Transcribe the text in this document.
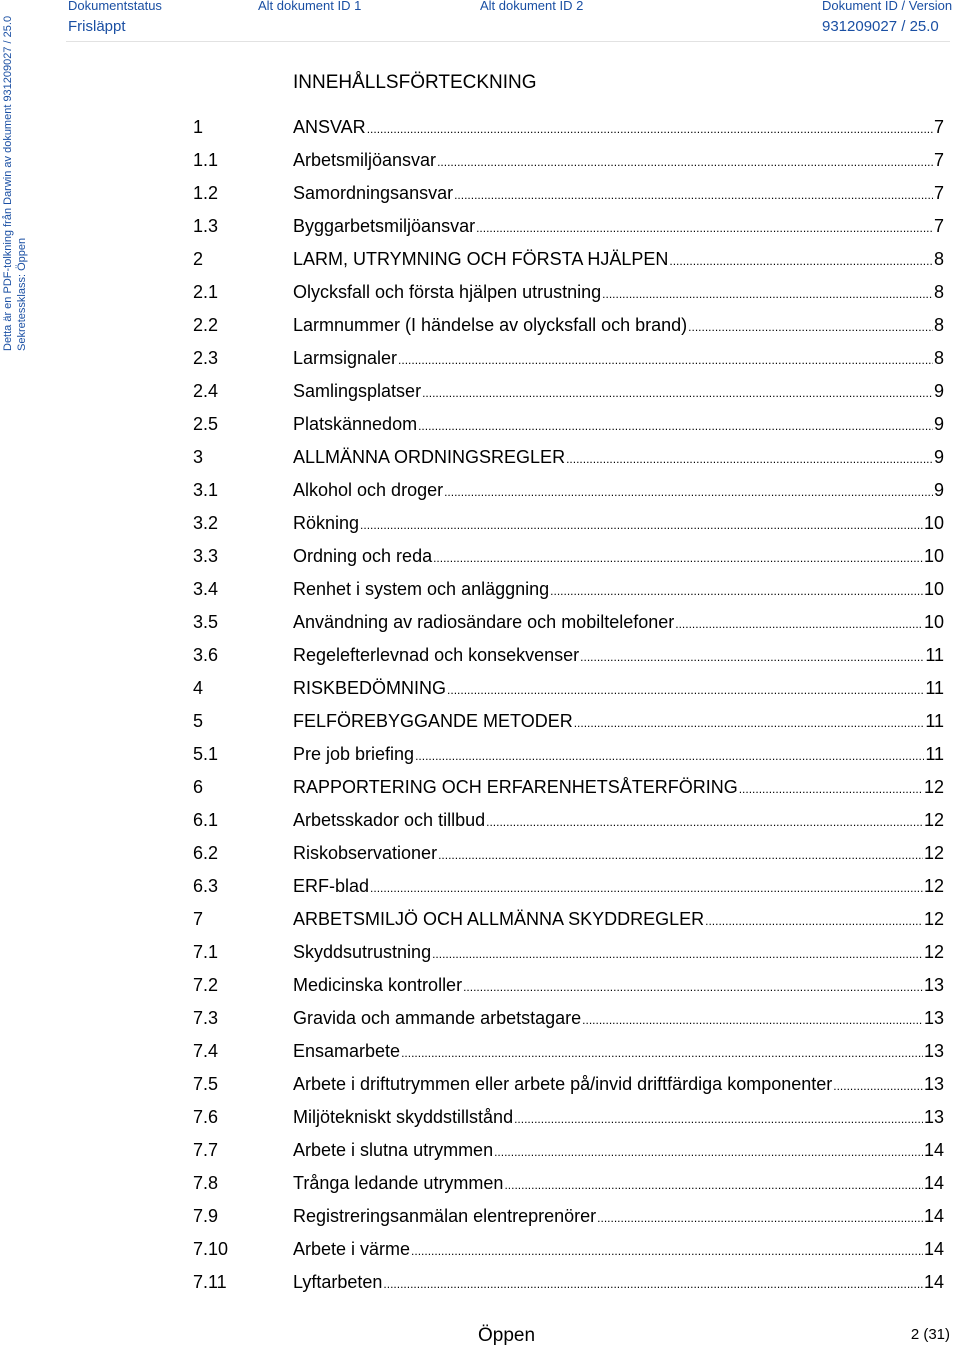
Detta är en PDF-tolkning från Darwin av dokument 931209027 / 25.0 Sekretessklass: Öppen
Dokumentstatus	Alt dokument ID 1	Alt dokument ID 2	Dokument ID / Version
Frisläppt	931209027 / 25.0
INNEHÅLLSFÖRTECKNING
1	ANSVAR .....	7
1.1	Arbetsmiljöansvar .....	7
1.2	Samordningsansvar .....	7
1.3	Byggarbetsmiljöansvar .....	7
2	LARM, UTRYMNING OCH FÖRSTA HJÄLPEN .....	8
2.1	Olycksfall och första hjälpen utrustning .....	8
2.2	Larmnummer (I händelse av olycksfall och brand) .....	8
2.3	Larmsignaler .....	8
2.4	Samlingsplatser .....	9
2.5	Platskännedom .....	9
3	ALLMÄNNA ORDNINGSREGLER .....	9
3.1	Alkohol och droger .....	9
3.2	Rökning .....	10
3.3	Ordning och reda .....	10
3.4	Renhet i system och anläggning .....	10
3.5	Användning av radiosändare och mobiltelefoner .....	10
3.6	Regelefterlevnad och konsekvenser .....	11
4	RISKBEDÖMNING .....	11
5	FELFÖREBYGGANDE METODER .....	11
5.1	Pre job briefing .....	11
6	RAPPORTERING OCH ERFARENHETSÅTERFÖRING .....	12
6.1	Arbetsskador och tillbud .....	12
6.2	Riskobservationer .....	12
6.3	ERF-blad .....	12
7	ARBETSMILJÖ OCH ALLMÄNNA SKYDDREGLER .....	12
7.1	Skyddsutrustning .....	12
7.2	Medicinska kontroller .....	13
7.3	Gravida och ammande arbetstagare .....	13
7.4	Ensamarbete .....	13
7.5	Arbete i driftutrymmen eller arbete på/invid driftfärdiga komponenter .....	13
7.6	Miljötekniskt skyddstillstånd .....	13
7.7	Arbete i slutna utrymmen .....	14
7.8	Trånga ledande utrymmen .....	14
7.9	Registreringsanmälan elentreprenörer .....	14
7.10	Arbete i värme .....	14
7.11	Lyftarbeten .....	14
Öppen	2 (31)
